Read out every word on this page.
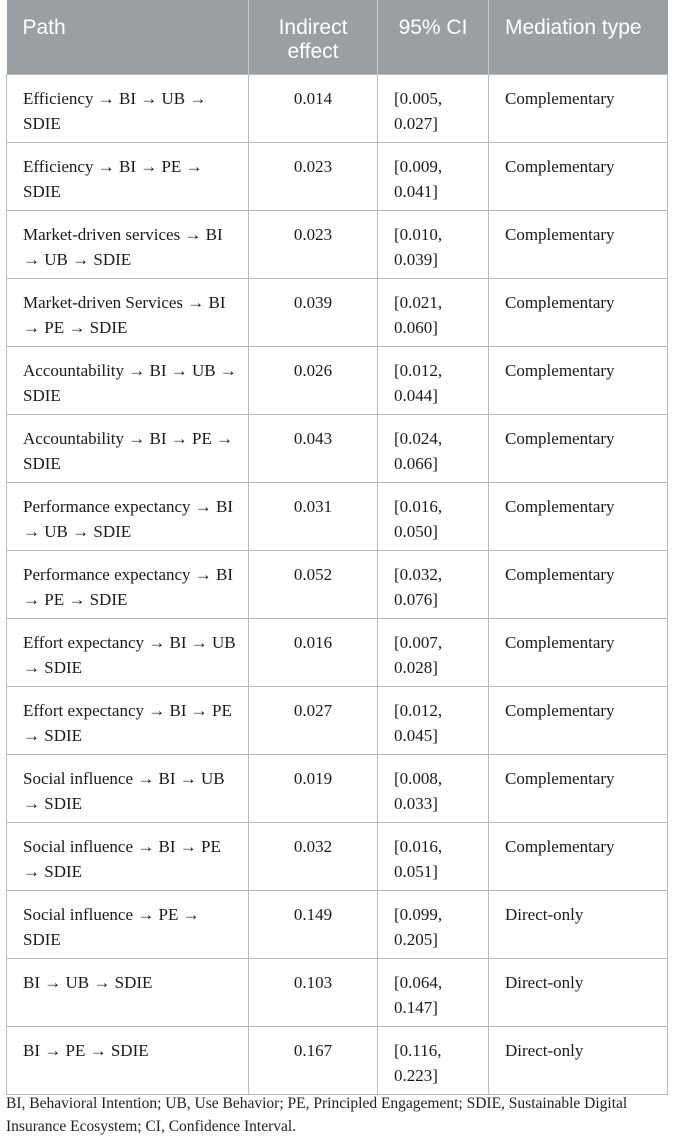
Path	Indirect effect	95% CI	Mediation type
Efficiency → BI → UB → SDIE	0.014	[0.005, 0.027]	Complementary
Efficiency → BI → PE → SDIE	0.023	[0.009, 0.041]	Complementary
Market-driven services → BI → UB → SDIE	0.023	[0.010, 0.039]	Complementary
Market-driven Services → BI → PE → SDIE	0.039	[0.021, 0.060]	Complementary
Accountability → BI → UB → SDIE	0.026	[0.012, 0.044]	Complementary
Accountability → BI → PE → SDIE	0.043	[0.024, 0.066]	Complementary
Performance expectancy → BI → UB → SDIE	0.031	[0.016, 0.050]	Complementary
Performance expectancy → BI → PE → SDIE	0.052	[0.032, 0.076]	Complementary
Effort expectancy → BI → UB → SDIE	0.016	[0.007, 0.028]	Complementary
Effort expectancy → BI → PE → SDIE	0.027	[0.012, 0.045]	Complementary
Social influence → BI → UB → SDIE	0.019	[0.008, 0.033]	Complementary
Social influence → BI → PE → SDIE	0.032	[0.016, 0.051]	Complementary
Social influence → PE → SDIE	0.149	[0.099, 0.205]	Direct-only
BI → UB → SDIE	0.103	[0.064, 0.147]	Direct-only
BI → PE → SDIE	0.167	[0.116, 0.223]	Direct-only

BI, Behavioral Intention; UB, Use Behavior; PE, Principled Engagement; SDIE, Sustainable Digital Insurance Ecosystem; CI, Confidence Interval.
